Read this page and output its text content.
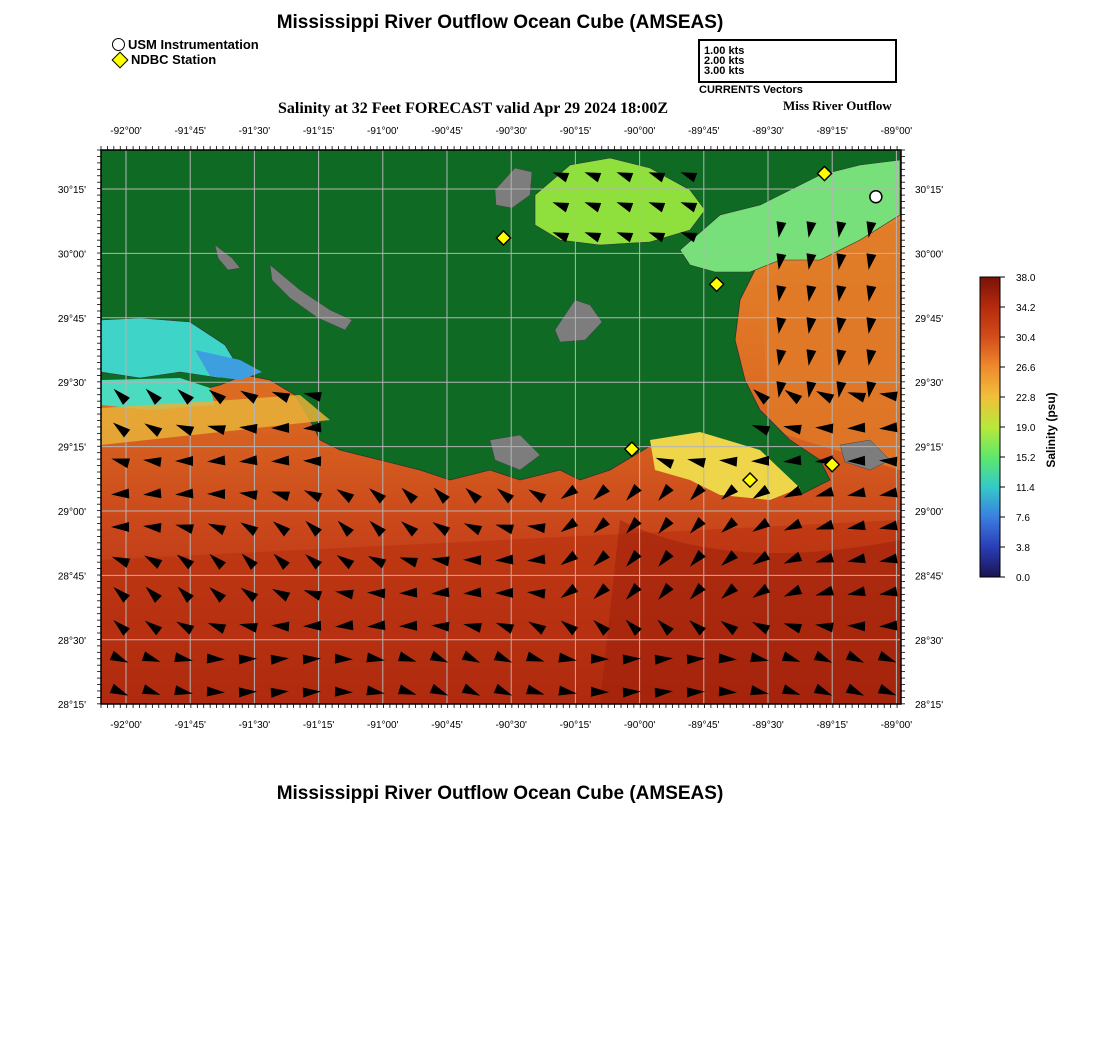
-92°00'
-92°00'
-91°45'
-91°45'
-91°30'
-91°30'
-91°15'
-91°15'
-91°00'
-91°00'
-90°45'
-90°45'
-90°30'
-90°30'
-90°15'
-90°15'
-90°00'
-90°00'
-89°45'
-89°45'
-89°30'
-89°30'
-89°15'
-89°15'
-89°00'
-89°00'
30°15'	30°15'
30°00'	30°00'
29°45'	29°45'
29°30'	29°30'
29°15'	29°15'
29°00'	29°00'
28°45'	28°45'
28°30'	28°30'
28°15'	28°15'
38.0
34.2
30.4
26.6
22.8
19.0
15.2
11.4
7.6
3.8
0.0
Mississippi River Outflow Ocean Cube (AMSEAS)
USM Instrumentation
NDBC Station
1.00 kts
2.00 kts
3.00 kts
CURRENTS Vectors
Salinity at 32 Feet FORECAST valid Apr 29 2024 18:00Z	Miss River Outflow
Salinity (psu)
Mississippi River Outflow Ocean Cube (AMSEAS)
